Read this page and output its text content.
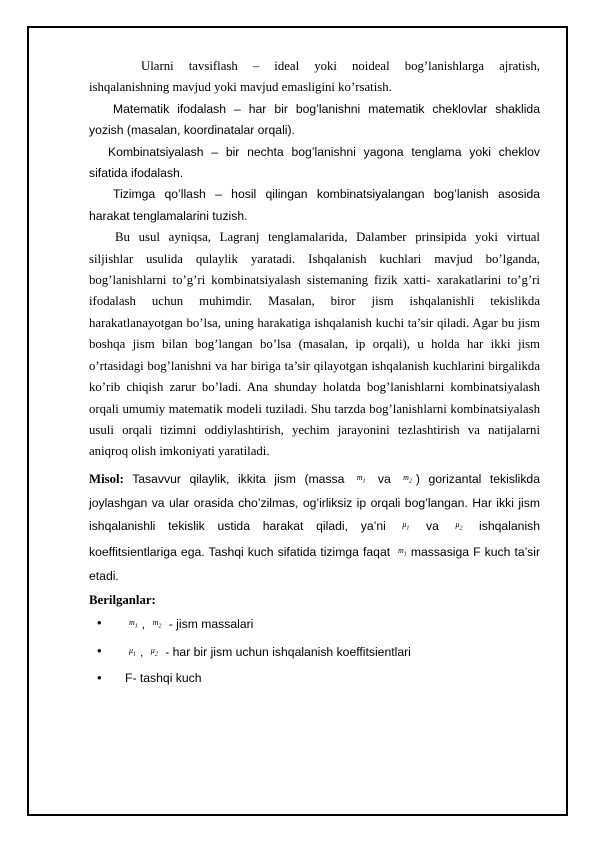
Ularni tavsiflash – ideal yoki noideal bog’lanishlarga ajratish, ishqalanishning mavjud yoki mavjud emasligini ko’rsatish.

Matematik ifodalash – har bir bog’lanishni matematik cheklovlar shaklida yozish (masalan, koordinatalar orqali).

Kombinatsiyalash – bir nechta bog’lanishni yagona tenglama yoki cheklov sifatida ifodalash.

Tizimga qo’llash – hosil qilingan kombinatsiyalangan bog’lanish asosida harakat tenglamalarini tuzish.

Bu usul ayniqsa, Lagranj tenglamalarida, Dalamber prinsipida yoki virtual siljishlar usulida qulaylik yaratadi. Ishqalanish kuchlari mavjud bo’lganda, bog’lanishlarni to’g’ri kombinatsiyalash sistemaning fizik xatti- xarakatlarini to’g’ri ifodalash uchun muhimdir. Masalan, biror jism ishqalanishli tekislikda harakatlanayotgan bo’lsa, uning harakatiga ishqalanish kuchi ta’sir qiladi. Agar bu jism boshqa jism bilan bog’langan bo’lsa (masalan, ip orqali), u holda har ikki jism o’rtasidagi bog’lanishni va har biriga ta’sir qilayotgan ishqalanish kuchlarini birgalikda ko’rib chiqish zarur bo’ladi. Ana shunday holatda bog’lanishlarni kombinatsiyalash orqali umumiy matematik modeli tuziladi. Shu tarzda bog’lanishlarni kombinatsiyalash usuli orqali tizimni oddiylashtirish, yechim jarayonini tezlashtirish va natijalarni aniqroq olish imkoniyati yaratiladi.

Misol: Tasavvur qilaylik, ikkita jism (massa $^{m_1}$ va $^{m_2}$ ) gorizantal tekislikda joylashgan va ular orasida cho’zilmas, og’irliksiz ip orqali bog’langan. Har ikki jism ishqalanishli tekislik ustida harakat qiladi, ya’ni $^{\mu_1}$ va $^{\mu_2}$ ishqalanish koeffitsientlariga ega. Tashqi kuch sifatida tizimga faqat $^{m_1}$ massasiga F kuch ta’sir etadi.

Berilganlar:

• $^{m_1}$ , $^{m_2}$ - jism massalari
• $^{\mu_1}$ , $^{\mu_2}$ - har bir jism uchun ishqalanish koeffitsientlari
• F- tashqi kuch
